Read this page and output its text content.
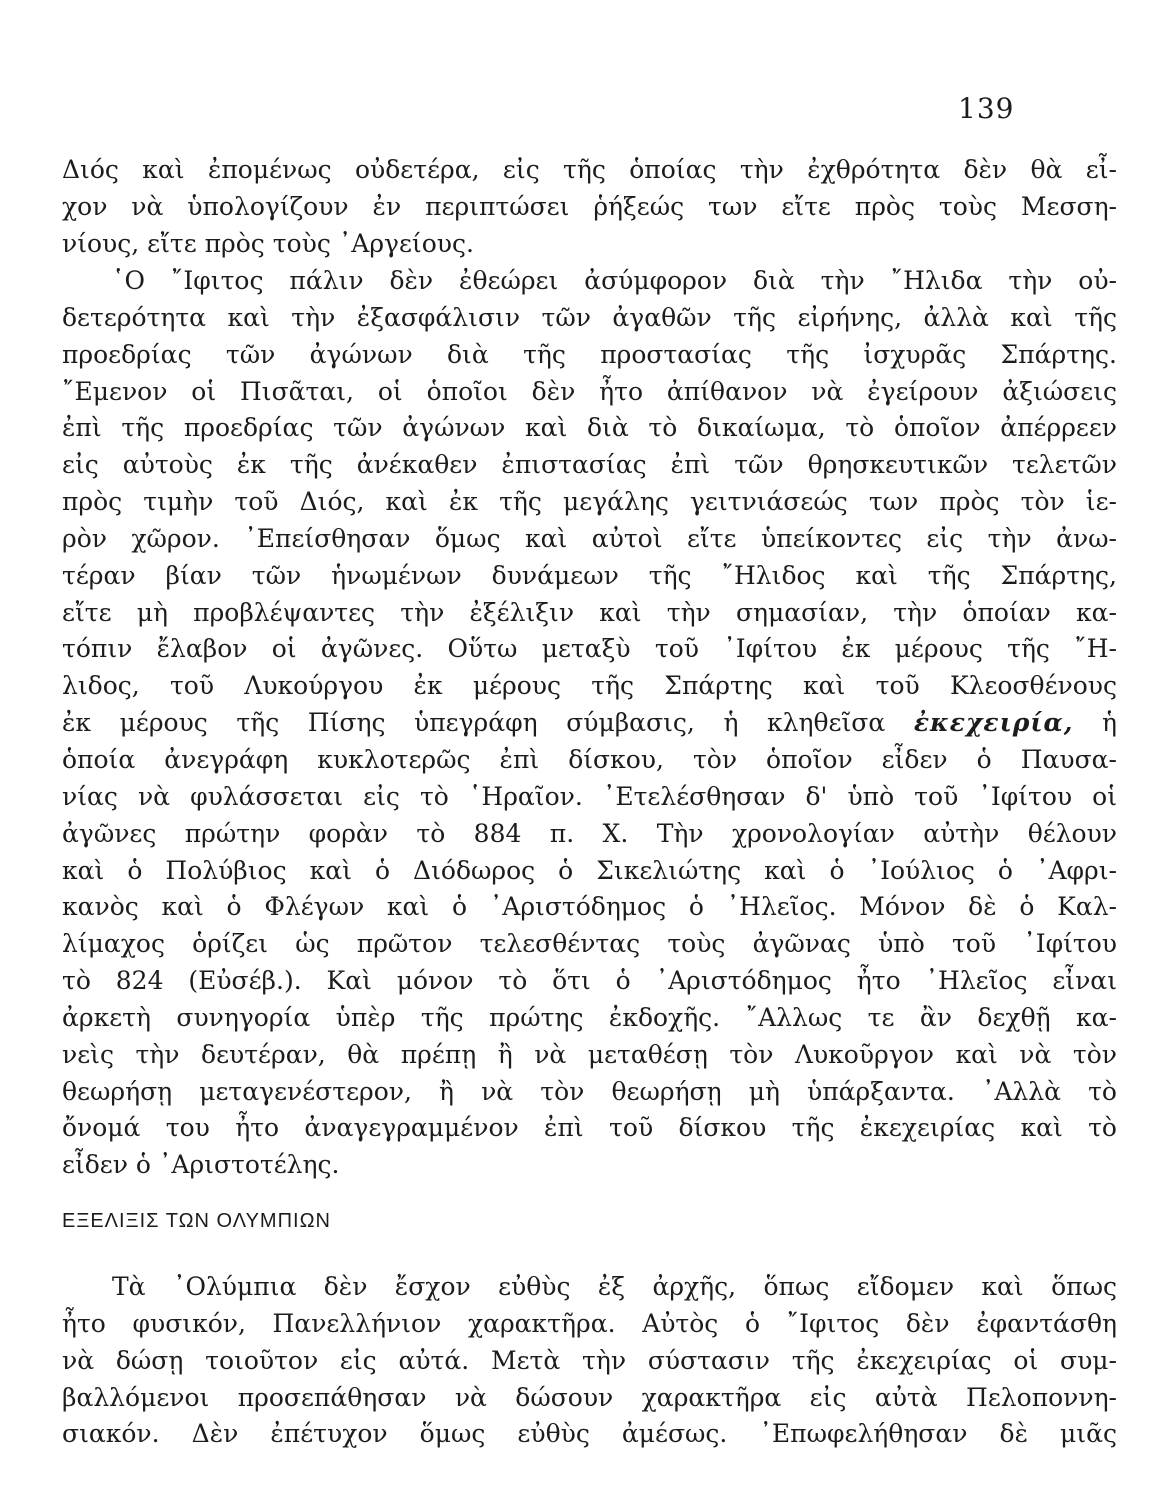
139
Διός καὶ ἐπομένως οὐδετέρα, εἰς τῆς ὁποίας τὴν ἐχθρότητα δὲν θὰ εἶ-
χον νὰ ὑπολογίζουν ἐν περιπτώσει ῥήξεώς των εἴτε πρὸς τοὺς Μεσση-
νίους, εἴτε πρὸς τοὺς ᾿Αργείους.
῾Ο ῎Ιφιτος πάλιν δὲν ἐθεώρει ἀσύμφορον διὰ τὴν ῎Ηλιδα τὴν οὐ-
δετερότητα καὶ τὴν ἐξασφάλισιν τῶν ἀγαθῶν τῆς εἰρήνης, ἀλλὰ καὶ τῆς
προεδρίας τῶν ἀγώνων διὰ τῆς προστασίας τῆς ἰσχυρᾶς Σπάρτης.
῎Εμενον οἱ Πισᾶται, οἱ ὁποῖοι δὲν ἦτο ἀπίθανον νὰ ἐγείρουν ἀξιώσεις
ἐπὶ τῆς προεδρίας τῶν ἀγώνων καὶ διὰ τὸ δικαίωμα, τὸ ὁποῖον ἀπέρρεεν
εἰς αὐτοὺς ἐκ τῆς ἀνέκαθεν ἐπιστασίας ἐπὶ τῶν θρησκευτικῶν τελετῶν
πρὸς τιμὴν τοῦ Διός, καὶ ἐκ τῆς μεγάλης γειτνιάσεώς των πρὸς τὸν ἱε-
ρὸν χῶρον. ᾿Επείσθησαν ὅμως καὶ αὐτοὶ εἴτε ὑπείκοντες εἰς τὴν ἀνω-
τέραν βίαν τῶν ἡνωμένων δυνάμεων τῆς ῎Ηλιδος καὶ τῆς Σπάρτης,
εἴτε μὴ προβλέψαντες τὴν ἐξέλιξιν καὶ τὴν σημασίαν, τὴν ὁποίαν κα-
τόπιν ἔλαβον οἱ ἀγῶνες. Οὕτω μεταξὺ τοῦ ᾿Ιφίτου ἐκ μέρους τῆς ῎Η-
λιδος, τοῦ Λυκούργου ἐκ μέρους τῆς Σπάρτης καὶ τοῦ Κλεοσθένους
ἐκ μέρους τῆς Πίσης ὑπεγράφη σύμβασις, ἡ κληθεῖσα ἐκεχειρία, ἡ
ὁποία ἀνεγράφη κυκλοτερῶς ἐπὶ δίσκου, τὸν ὁποῖον εἶδεν ὁ Παυσα-
νίας νὰ φυλάσσεται εἰς τὸ ῾Ηραῖον. ᾿Ετελέσθησαν δ' ὑπὸ τοῦ ᾿Ιφίτου οἱ
ἀγῶνες πρώτην φορὰν τὸ 884 π. Χ. Τὴν χρονολογίαν αὐτὴν θέλουν
καὶ ὁ Πολύβιος καὶ ὁ Διόδωρος ὁ Σικελιώτης καὶ ὁ ᾿Ιούλιος ὁ ᾿Αφρι-
κανὸς καὶ ὁ Φλέγων καὶ ὁ ᾿Αριστόδημος ὁ ᾿Ηλεῖος. Μόνον δὲ ὁ Καλ-
λίμαχος ὁρίζει ὡς πρῶτον τελεσθέντας τοὺς ἀγῶνας ὑπὸ τοῦ ᾿Ιφίτου
τὸ 824 (Εὐσέβ.). Καὶ μόνον τὸ ὅτι ὁ ᾿Αριστόδημος ἦτο ᾿Ηλεῖος εἶναι
ἀρκετὴ συνηγορία ὑπὲρ τῆς πρώτης ἐκδοχῆς. ῎Αλλως τε ἂν δεχθῇ κα-
νεὶς τὴν δευτέραν, θὰ πρέπῃ ἢ νὰ μεταθέσῃ τὸν Λυκοῦργον καὶ νὰ τὸν
θεωρήσῃ μεταγενέστερον, ἢ νὰ τὸν θεωρήσῃ μὴ ὑπάρξαντα. ᾿Αλλὰ τὸ
ὄνομά του ἦτο ἀναγεγραμμένον ἐπὶ τοῦ δίσκου τῆς ἐκεχειρίας καὶ τὸ
εἶδεν ὁ ᾿Αριστοτέλης.
ΕΞΕΛΙΞΙΣ ΤΩΝ ΟΛΥΜΠΙΩΝ
Τὰ ᾿Ολύμπια δὲν ἔσχον εὐθὺς ἐξ ἀρχῆς, ὅπως εἴδομεν καὶ ὅπως
ἦτο φυσικόν, Πανελλήνιον χαρακτῆρα. Αὐτὸς ὁ ῎Ιφιτος δὲν ἐφαντάσθη
νὰ δώσῃ τοιοῦτον εἰς αὐτά. Μετὰ τὴν σύστασιν τῆς ἐκεχειρίας οἱ συμ-
βαλλόμενοι προσεπάθησαν νὰ δώσουν χαρακτῆρα εἰς αὐτὰ Πελοποννη-
σιακόν. Δὲν ἐπέτυχον ὅμως εὐθὺς ἀμέσως. ᾿Επωφελήθησαν δὲ μιᾶς
